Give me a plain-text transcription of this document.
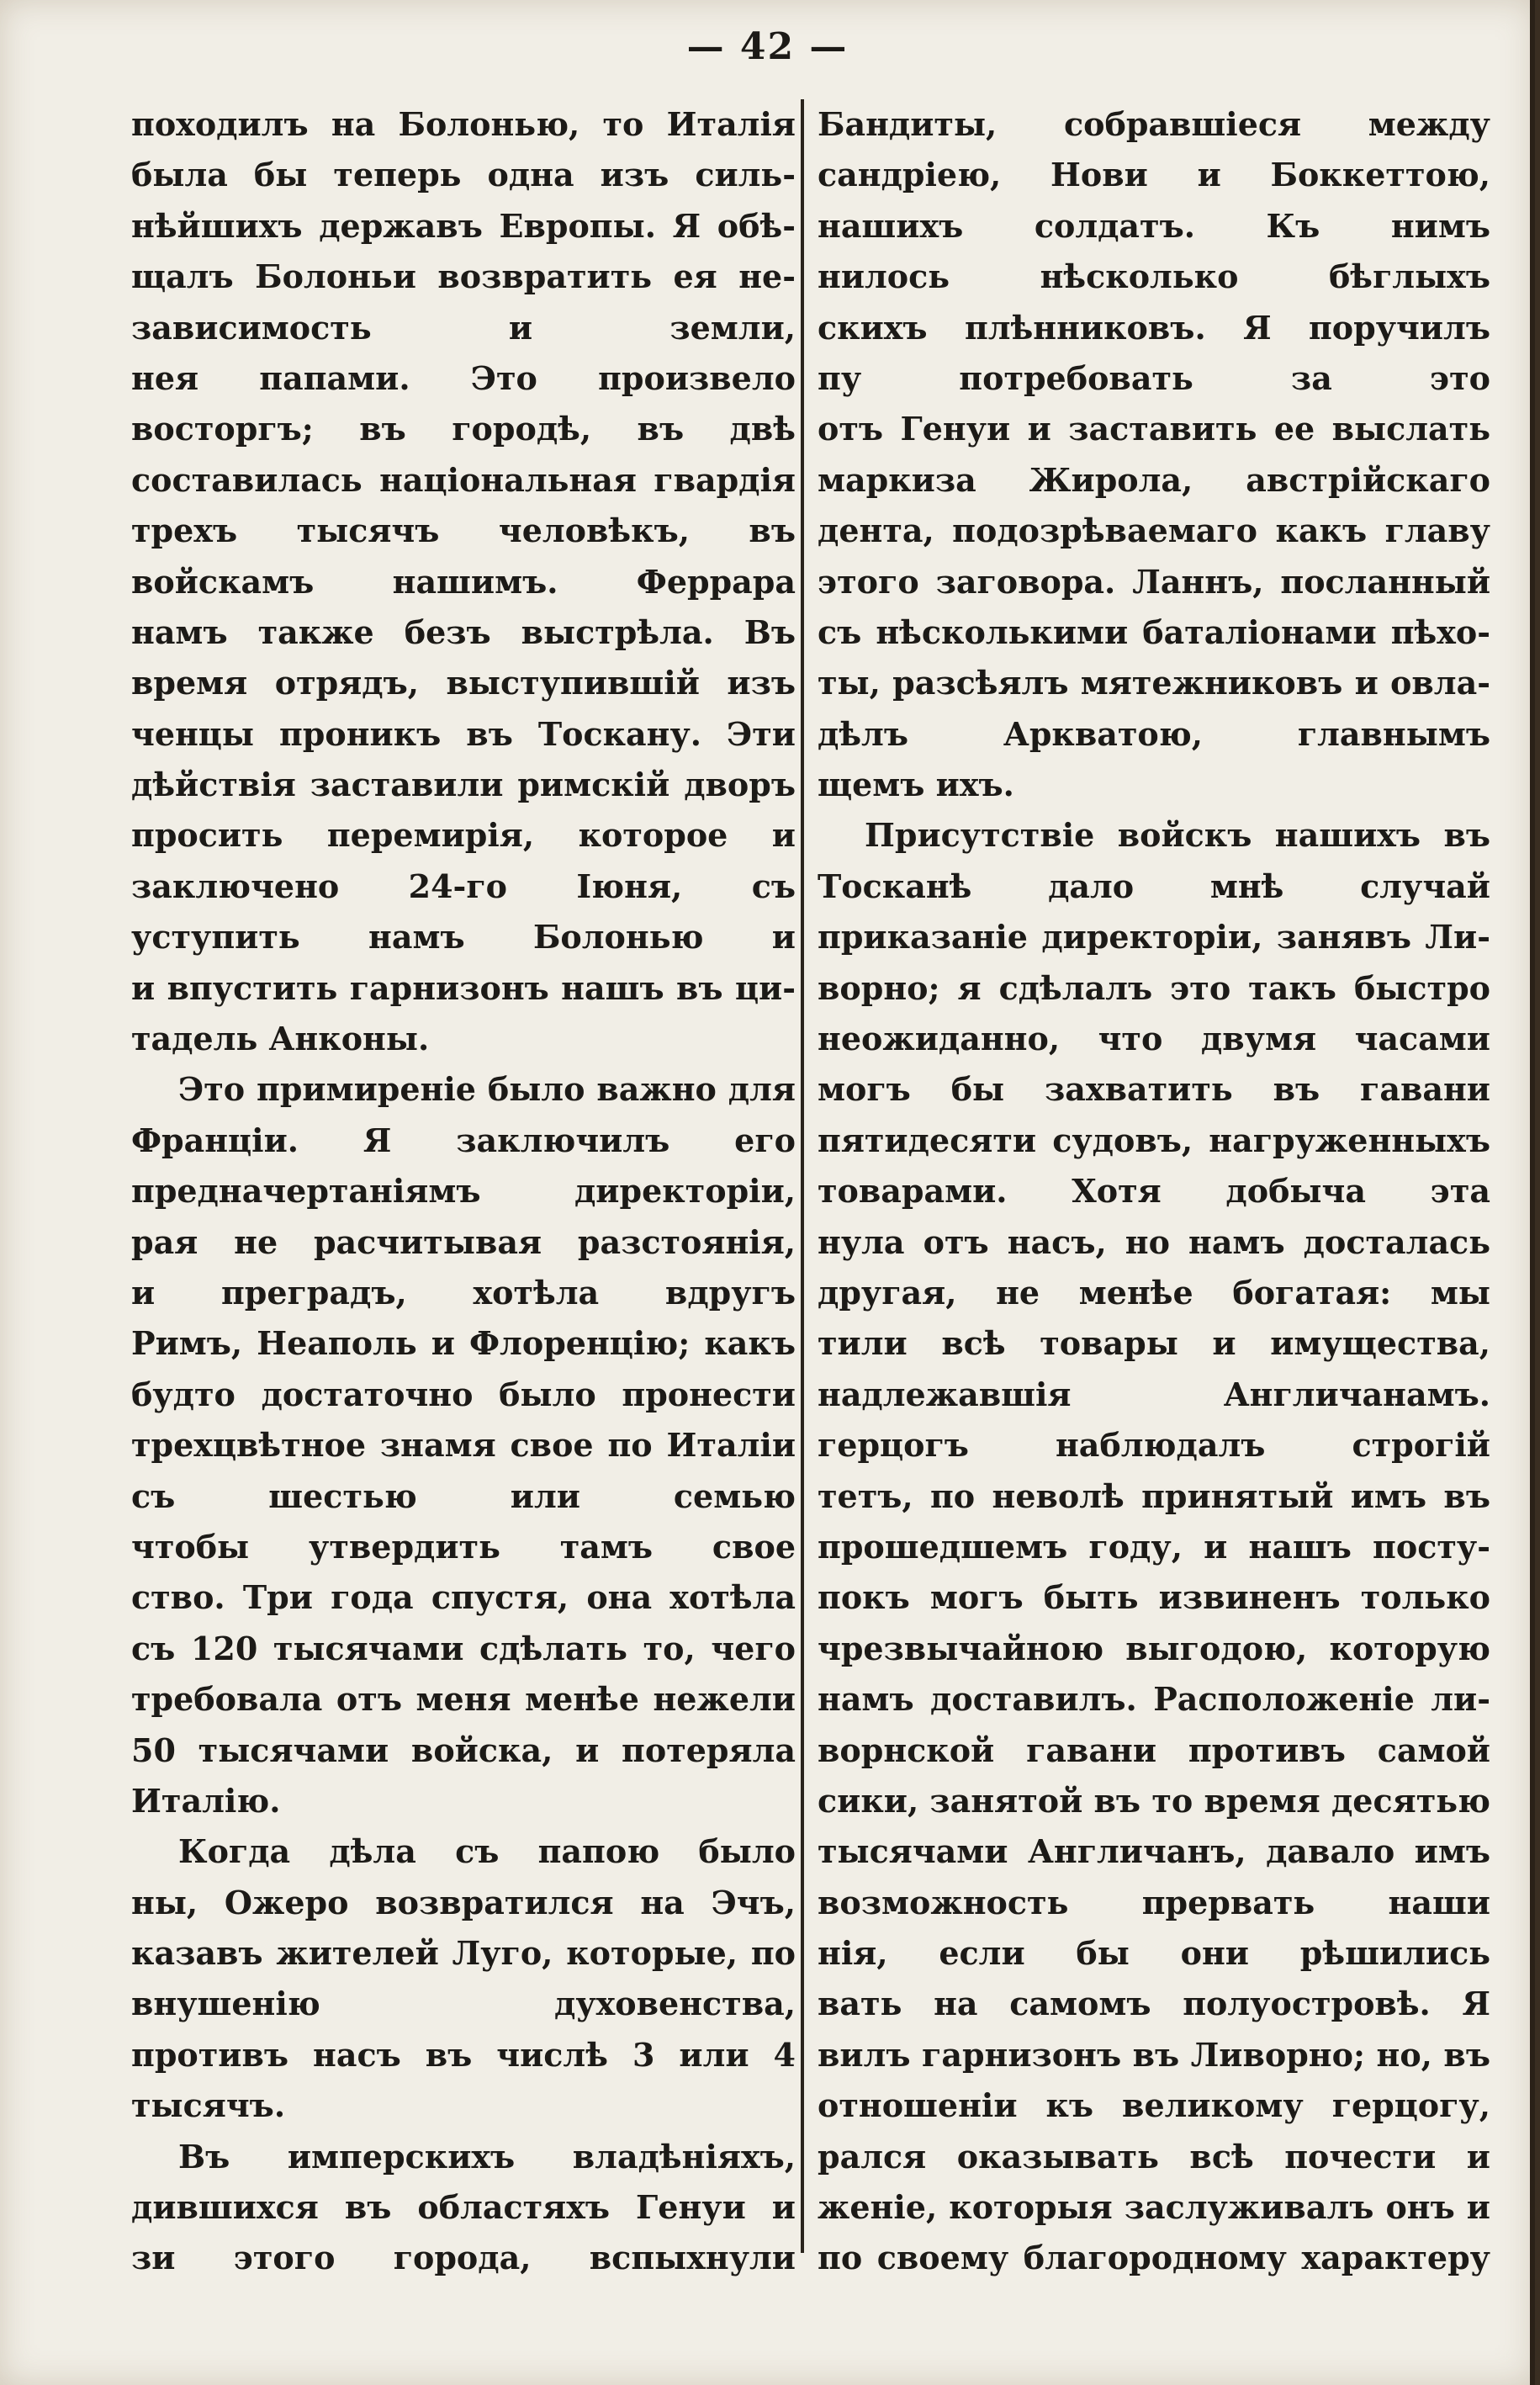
— 42 —
походилъ на Болонью, то Италія
была бы теперь одна изъ силь-
нѣйшихъ державъ Европы. Я обѣ-
щалъ Болоньи возвратить ея не-
зависимость и земли,
нея папами. Это произвело
восторгъ; въ городѣ, въ двѣ
составилась національная гвардія
трехъ тысячъ человѣкъ, въ
войскамъ нашимъ. Феррара
намъ также безъ выстрѣла. Въ
время отрядъ, выступившій изъ
ченцы проникъ въ Тоскану. Эти
дѣйствія заставили римскій дворъ
просить перемирія, которое и
заключено 24-го Іюня, съ
уступить намъ Болонью и
и впустить гарнизонъ нашъ въ ци-
тадель Анконы.
Это примиреніе было важно для
Франціи. Я заключилъ его
предначертаніямъ директоріи,
рая не расчитывая разстоянія,
и преградъ, хотѣла вдругъ
Римъ, Неаполь и Флоренцію; какъ
будто достаточно было пронести
трехцвѣтное знамя свое по Италіи
съ шестью или семью
чтобы утвердить тамъ свое
ство. Три года спустя, она хотѣла
съ 120 тысячами сдѣлать то, чего
требовала отъ меня менѣе нежели
50 тысячами войска, и потеряла
Италію.
Когда дѣла съ папою было
ны, Ожеро возвратился на Эчъ,
казавъ жителей Луго, которые, по
внушенію духовенства,
противъ насъ въ числѣ 3 или 4
тысячъ.
Въ имперскихъ владѣніяхъ,
дившихся въ областяхъ Генуи и
зи этого города, вспыхнули
Бандиты, собравшіеся между
сандріею, Нови и Боккеттою,
нашихъ солдатъ. Къ нимъ
нилось нѣсколько бѣглыхъ
скихъ плѣнниковъ. Я поручилъ
пу потребовать за это
отъ Генуи и заставить ее выслать
маркиза Жирола, австрійскаго
дента, подозрѣваемаго какъ главу
этого заговора. Ланнъ, посланный
съ нѣсколькими баталіонами пѣхо-
ты, разсѣялъ мятежниковъ и овла-
дѣлъ Аркватою, главнымъ
щемъ ихъ.
Присутствіе войскъ нашихъ въ
Тосканѣ дало мнѣ случай
приказаніе директоріи, занявъ Ли-
ворно; я сдѣлалъ это такъ быстро
неожиданно, что двумя часами
могъ бы захватить въ гавани
пятидесяти судовъ, нагруженныхъ
товарами. Хотя добыча эта
нула отъ насъ, но намъ досталась
другая, не менѣе богатая: мы
тили всѣ товары и имущества,
надлежавшія Англичанамъ.
герцогъ наблюдалъ строгій
тетъ, по неволѣ принятый имъ въ
прошедшемъ году, и нашъ посту-
покъ могъ быть извиненъ только
чрезвычайною выгодою, которую
намъ доставилъ. Расположеніе ли-
ворнской гавани противъ самой
сики, занятой въ то время десятью
тысячами Англичанъ, давало имъ
возможность прервать наши
нія, если бы они рѣшились
вать на самомъ полуостровѣ. Я
вилъ гарнизонъ въ Ливорно; но, въ
отношеніи къ великому герцогу,
рался оказывать всѣ почести и
женіе, которыя заслуживалъ онъ и
по своему благородному характеру
